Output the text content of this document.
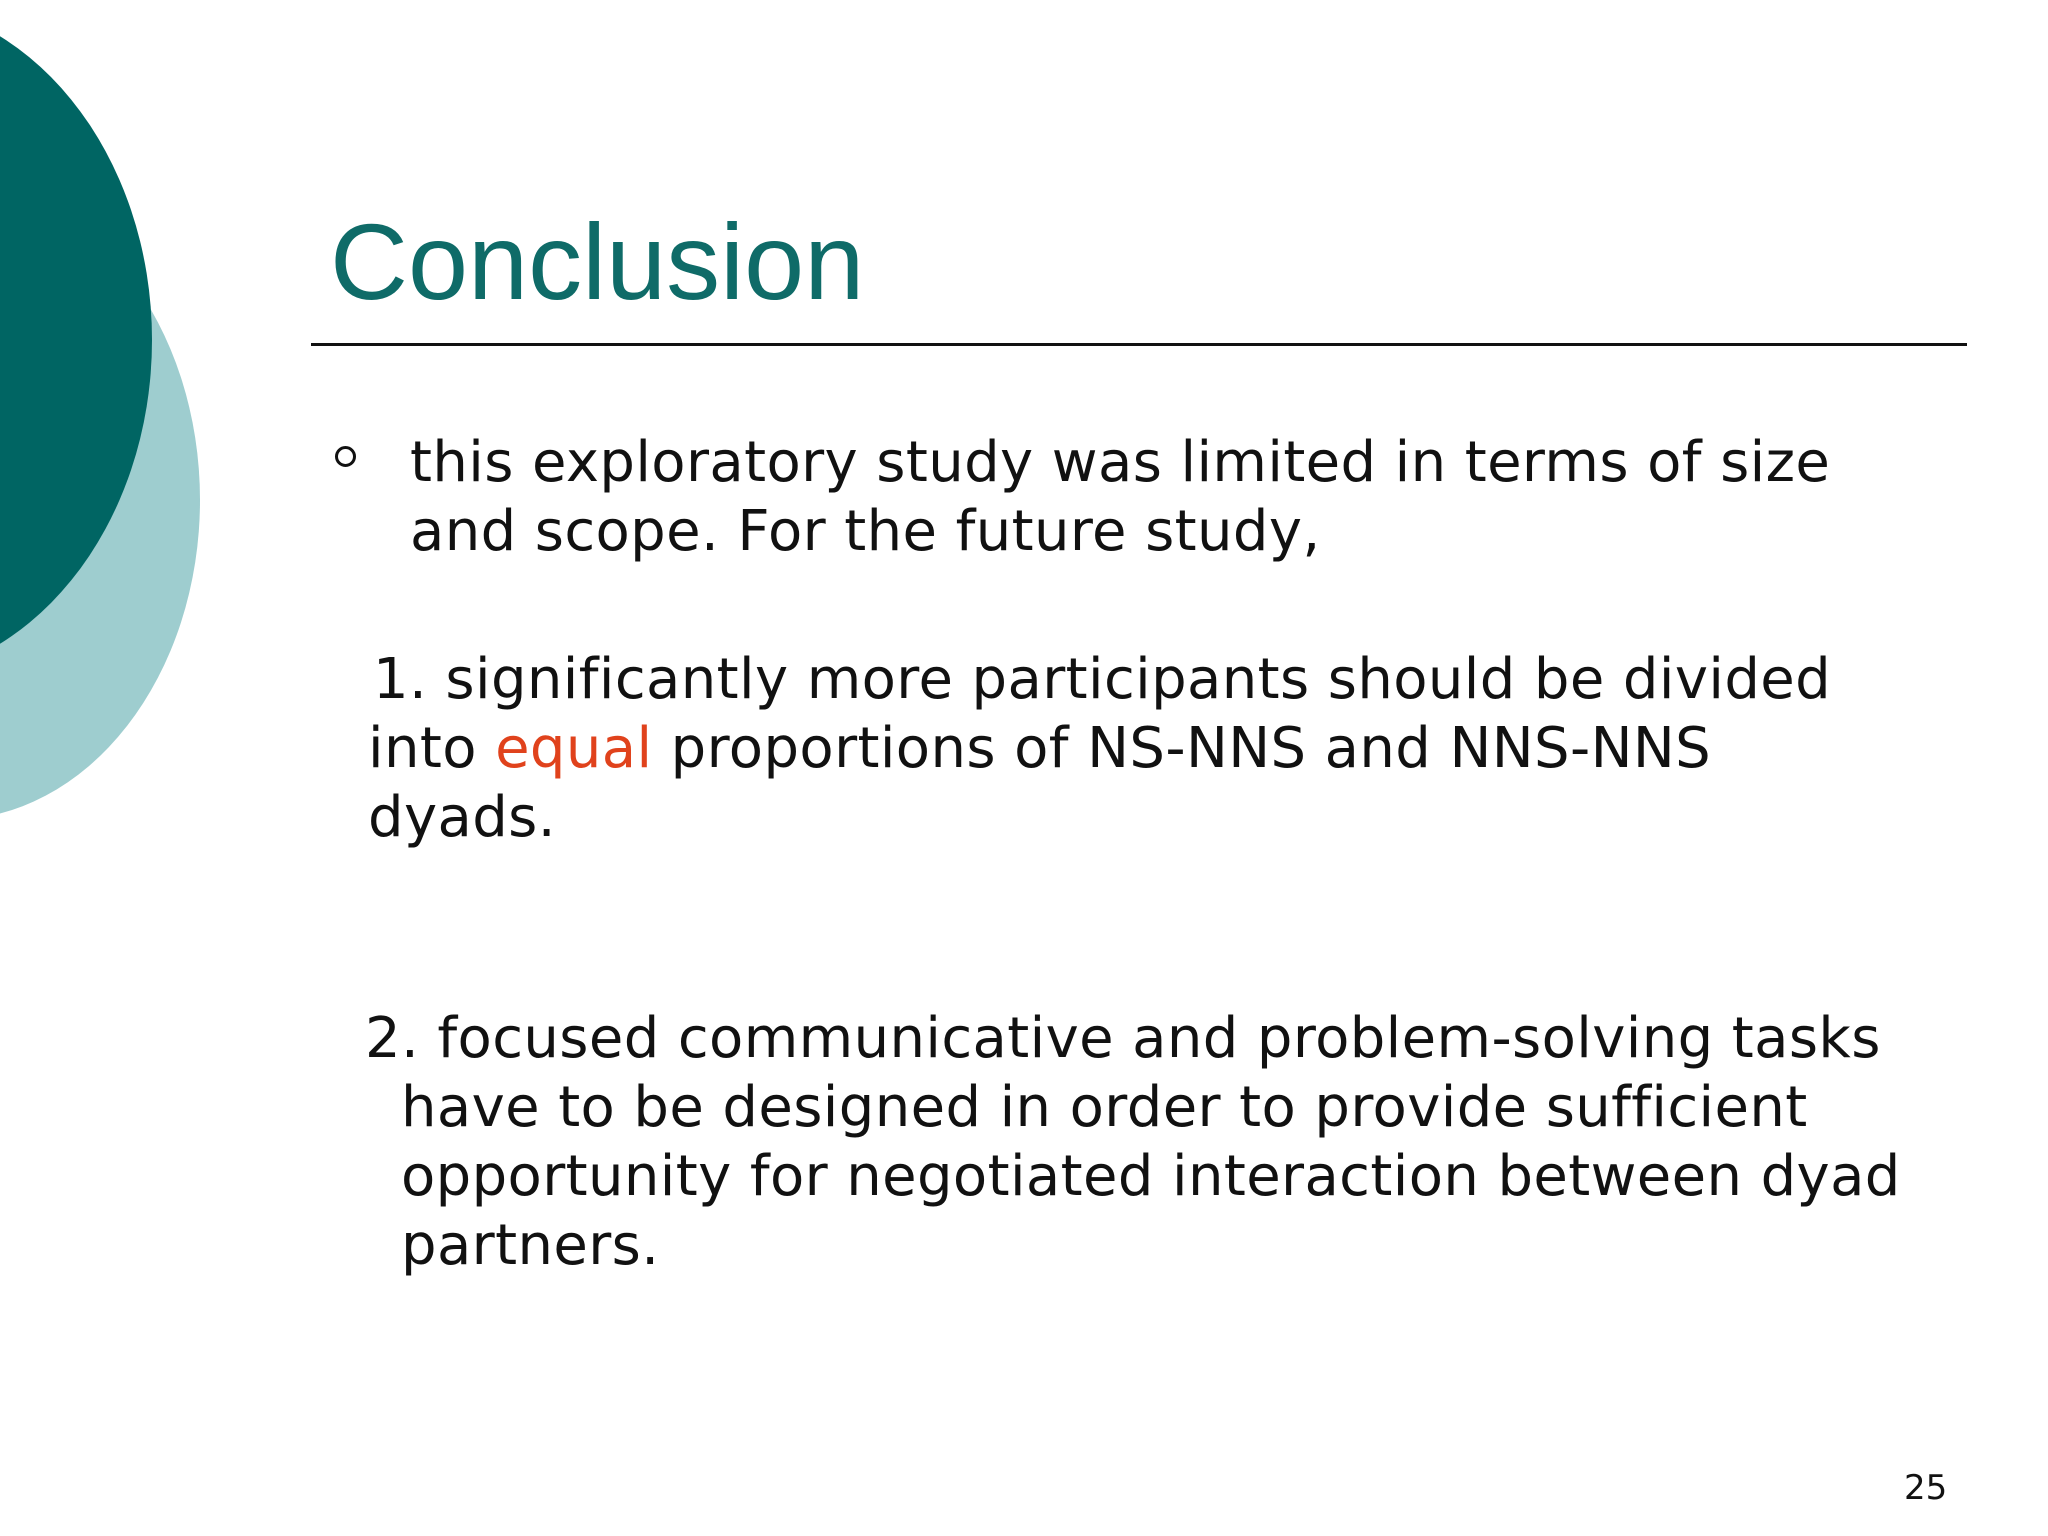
Conclusion
this exploratory study was limited in terms of size
and scope. For the future study,
1. significantly more participants should be divided
into equal proportions of NS-NNS and NNS-NNS
dyads.
2. focused communicative and problem-solving tasks
have to be designed in order to provide sufficient
opportunity for negotiated interaction between dyad
partners.
25
